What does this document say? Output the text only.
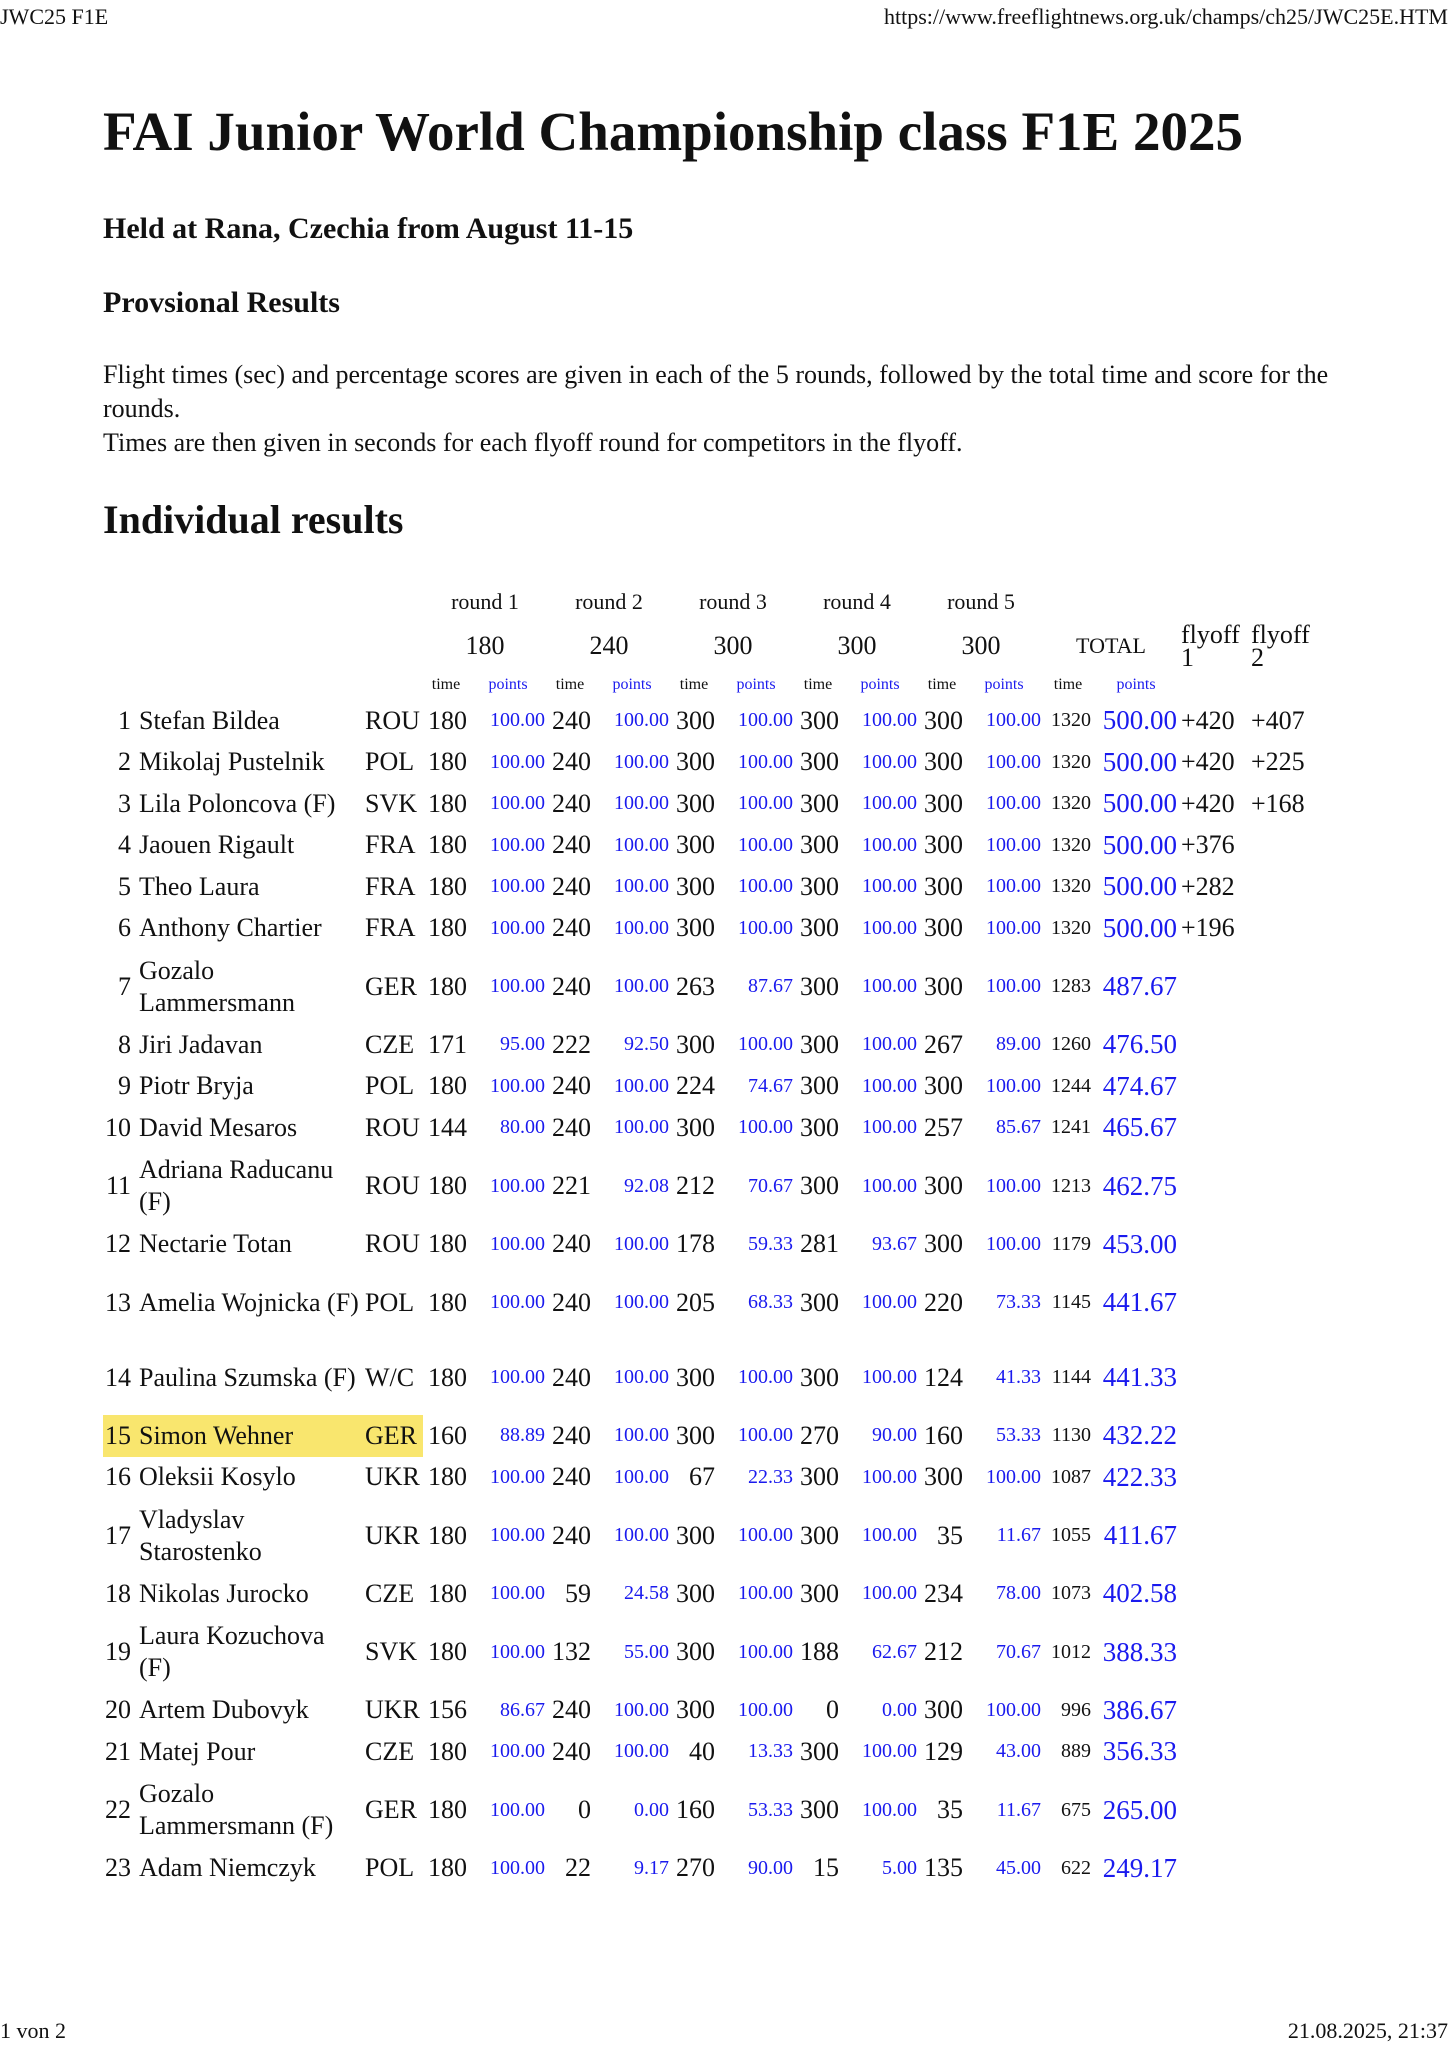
JWC25 F1E	https://www.freeflightnews.org.uk/champs/ch25/JWC25E.HTM
FAI Junior World Championship class F1E 2025
Held at Rana, Czechia from August 11-15
Provsional Results

Flight times (sec) and percentage scores are given in each of the 5 rounds, followed by the total time and score for the rounds.

Times are then given in seconds for each flyoff round for competitors in the flyoff.

Individual results
			round 1		round 2		round 3		round 4		round 5					
			180		240		300		300		300		TOTAL		flyoff 1	flyoff 2
			time	points	time	points	time	points	time	points	time	points	time	points		
1	Stefan Bildea	ROU	180	100.00	240	100.00	300	100.00	300	100.00	300	100.00	1320	500.00	+420	+407
2	Mikolaj Pustelnik	POL	180	100.00	240	100.00	300	100.00	300	100.00	300	100.00	1320	500.00	+420	+225
3	Lila Poloncova (F)	SVK	180	100.00	240	100.00	300	100.00	300	100.00	300	100.00	1320	500.00	+420	+168
4	Jaouen Rigault	FRA	180	100.00	240	100.00	300	100.00	300	100.00	300	100.00	1320	500.00	+376	
5	Theo Laura	FRA	180	100.00	240	100.00	300	100.00	300	100.00	300	100.00	1320	500.00	+282	
6	Anthony Chartier	FRA	180	100.00	240	100.00	300	100.00	300	100.00	300	100.00	1320	500.00	+196	
7	Gozalo Lammersmann	GER	180	100.00	240	100.00	263	87.67	300	100.00	300	100.00	1283	487.67		
8	Jiri Jadavan	CZE	171	95.00	222	92.50	300	100.00	300	100.00	267	89.00	1260	476.50		
9	Piotr Bryja	POL	180	100.00	240	100.00	224	74.67	300	100.00	300	100.00	1244	474.67		
10	David Mesaros	ROU	144	80.00	240	100.00	300	100.00	300	100.00	257	85.67	1241	465.67		
11	Adriana Raducanu (F)	ROU	180	100.00	221	92.08	212	70.67	300	100.00	300	100.00	1213	462.75		
12	Nectarie Totan	ROU	180	100.00	240	100.00	178	59.33	281	93.67	300	100.00	1179	453.00		
13	Amelia Wojnicka (F)	POL	180	100.00	240	100.00	205	68.33	300	100.00	220	73.33	1145	441.67		
14	Paulina Szumska (F)	W/C	180	100.00	240	100.00	300	100.00	300	100.00	124	41.33	1144	441.33		
15	Simon Wehner	GER	160	88.89	240	100.00	300	100.00	270	90.00	160	53.33	1130	432.22		
16	Oleksii Kosylo	UKR	180	100.00	240	100.00	67	22.33	300	100.00	300	100.00	1087	422.33		
17	Vladyslav Starostenko	UKR	180	100.00	240	100.00	300	100.00	300	100.00	35	11.67	1055	411.67		
18	Nikolas Jurocko	CZE	180	100.00	59	24.58	300	100.00	300	100.00	234	78.00	1073	402.58		
19	Laura Kozuchova (F)	SVK	180	100.00	132	55.00	300	100.00	188	62.67	212	70.67	1012	388.33		
20	Artem Dubovyk	UKR	156	86.67	240	100.00	300	100.00	0	0.00	300	100.00	996	386.67		
21	Matej Pour	CZE	180	100.00	240	100.00	40	13.33	300	100.00	129	43.00	889	356.33		
22	Gozalo Lammersmann (F)	GER	180	100.00	0	0.00	160	53.33	300	100.00	35	11.67	675	265.00		
23	Adam Niemczyk	POL	180	100.00	22	9.17	270	90.00	15	5.00	135	45.00	622	249.17		
1 von 2	21.08.2025, 21:37
